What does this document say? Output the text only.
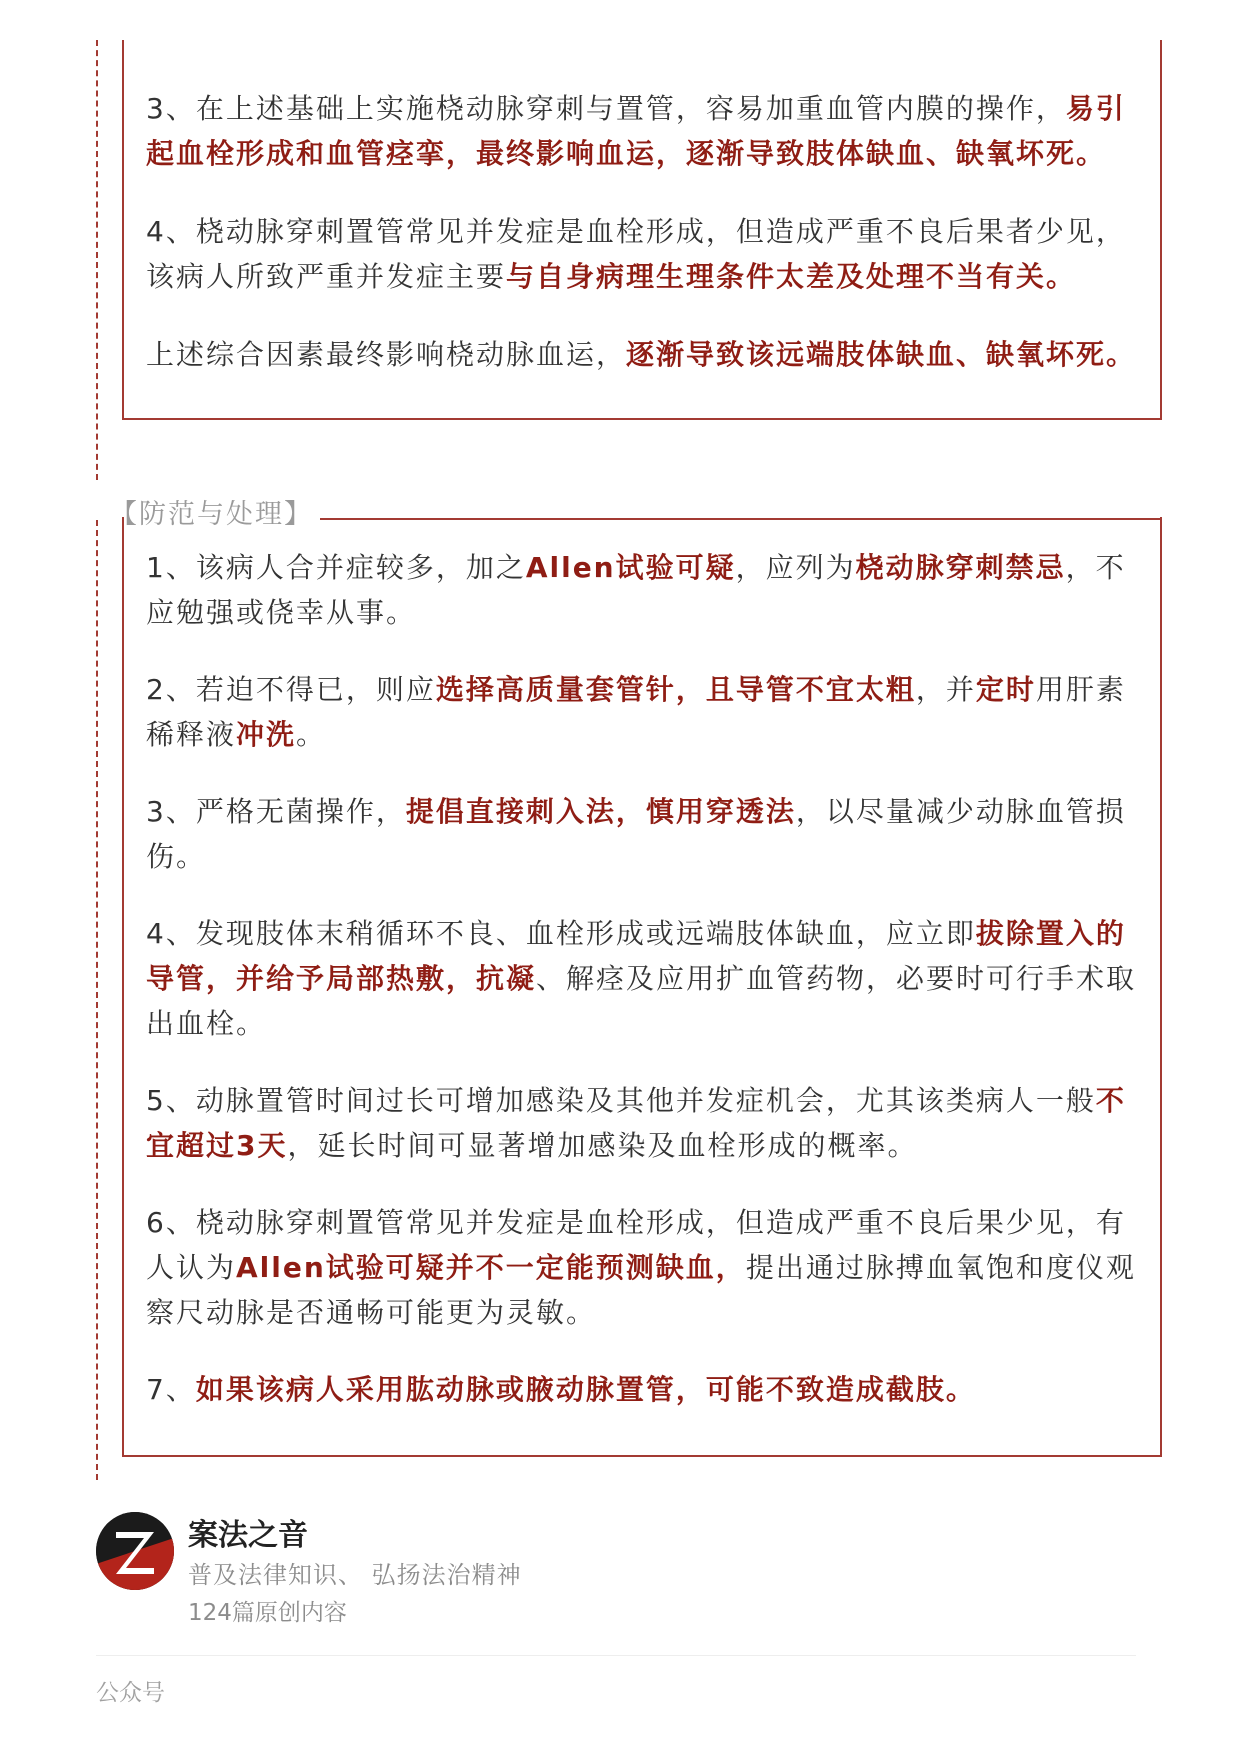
3、在上述基础上实施桡动脉穿刺与置管，容易加重血管内膜的操作，易引起血栓形成和血管痉挛，最终影响血运，逐渐导致肢体缺血、缺氧坏死。

4、桡动脉穿刺置管常见并发症是血栓形成，但造成严重不良后果者少见，该病人所致严重并发症主要与自身病理生理条件太差及处理不当有关。

上述综合因素最终影响桡动脉血运，逐渐导致该远端肢体缺血、缺氧坏死。

【防范与处理】

1、该病人合并症较多，加之Allen试验可疑，应列为桡动脉穿刺禁忌，不应勉强或侥幸从事。

2、若迫不得已，则应选择高质量套管针，且导管不宜太粗，并定时用肝素稀释液冲洗。

3、严格无菌操作，提倡直接刺入法，慎用穿透法，以尽量减少动脉血管损伤。

4、发现肢体末稍循环不良、血栓形成或远端肢体缺血，应立即拔除置入的导管，并给予局部热敷，抗凝、解痉及应用扩血管药物，必要时可行手术取出血栓。

5、动脉置管时间过长可增加感染及其他并发症机会，尤其该类病人一般不宜超过3天，延长时间可显著增加感染及血栓形成的概率。

6、桡动脉穿刺置管常见并发症是血栓形成，但造成严重不良后果少见，有人认为Allen试验可疑并不一定能预测缺血，提出通过脉搏血氧饱和度仪观察尺动脉是否通畅可能更为灵敏。

7、如果该病人采用肱动脉或腋动脉置管，可能不致造成截肢。

案法之音
普及法律知识、 弘扬法治精神
124篇原创内容
公众号
